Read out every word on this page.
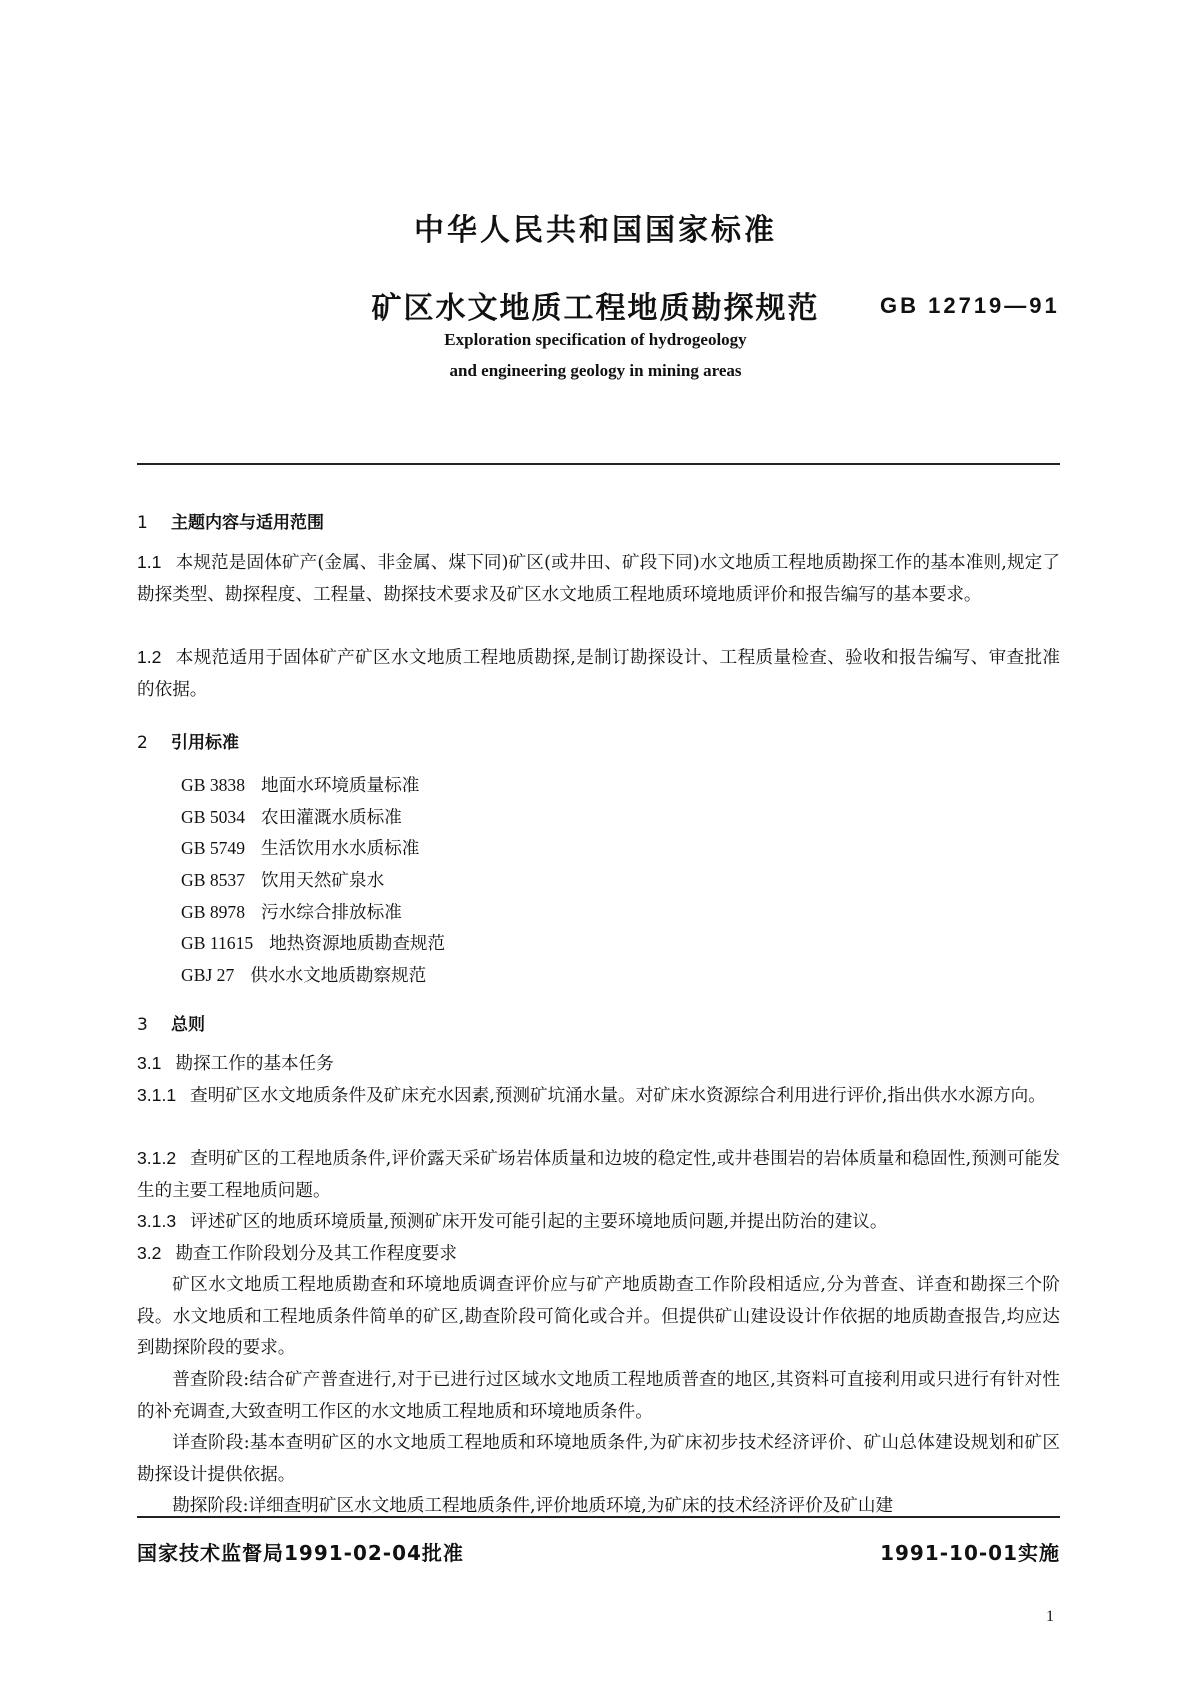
中华人民共和国国家标准
矿区水文地质工程地质勘探规范	GB 12719—91
Exploration specification of hydrogeology
and engineering geology in mining areas
1 主题内容与适用范围

1.1 本规范是固体矿产(金属、非金属、煤下同)矿区(或井田、矿段下同)水文地质工程地质勘探工作的基本准则,规定了勘探类型、勘探程度、工程量、勘探技术要求及矿区水文地质工程地质环境地质评价和报告编写的基本要求。

1.2 本规范适用于固体矿产矿区水文地质工程地质勘探,是制订勘探设计、工程质量检查、验收和报告编写、审查批准的依据。

2 引用标准
GB 3838 地面水环境质量标准
GB 5034 农田灌溉水质标准
GB 5749 生活饮用水水质标准
GB 8537 饮用天然矿泉水
GB 8978 污水综合排放标准
GB 11615 地热资源地质勘查规范
GBJ 27 供水水文地质勘察规范
3 总则

3.1 勘探工作的基本任务

3.1.1 查明矿区水文地质条件及矿床充水因素,预测矿坑涌水量。对矿床水资源综合利用进行评价,指出供水水源方向。

3.1.2 查明矿区的工程地质条件,评价露天采矿场岩体质量和边坡的稳定性,或井巷围岩的岩体质量和稳固性,预测可能发生的主要工程地质问题。

3.1.3 评述矿区的地质环境质量,预测矿床开发可能引起的主要环境地质问题,并提出防治的建议。

3.2 勘查工作阶段划分及其工作程度要求

矿区水文地质工程地质勘查和环境地质调查评价应与矿产地质勘查工作阶段相适应,分为普查、详查和勘探三个阶段。水文地质和工程地质条件简单的矿区,勘查阶段可简化或合并。但提供矿山建设设计作依据的地质勘查报告,均应达到勘探阶段的要求。

普查阶段:结合矿产普查进行,对于已进行过区域水文地质工程地质普查的地区,其资料可直接利用或只进行有针对性的补充调查,大致查明工作区的水文地质工程地质和环境地质条件。

详查阶段:基本查明矿区的水文地质工程地质和环境地质条件,为矿床初步技术经济评价、矿山总体建设规划和矿区勘探设计提供依据。

勘探阶段:详细查明矿区水文地质工程地质条件,评价地质环境,为矿床的技术经济评价及矿山建

国家技术监督局1991-02-04批准	1991-10-01实施
1
